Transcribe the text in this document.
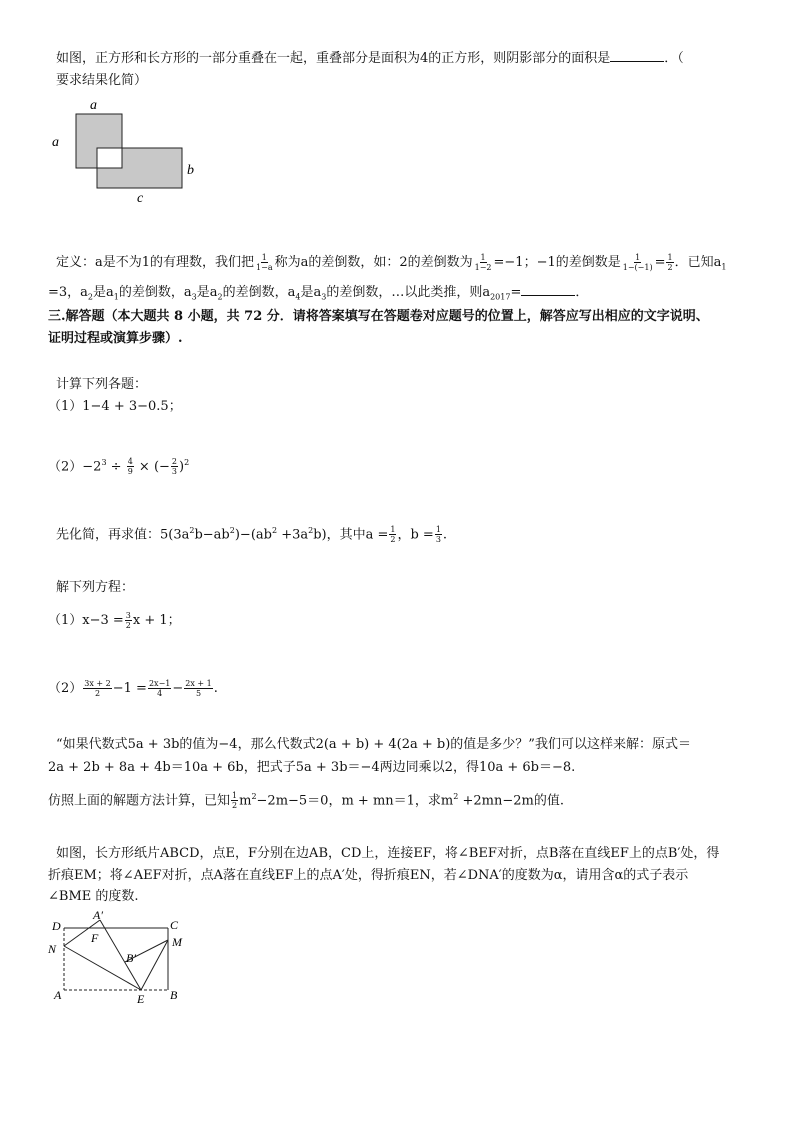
如图，正方形和长方形的一部分重叠在一起，重叠部分是面积为4的正方形，则阴影部分的面积是	．（
要求结果化简）
a
a
b
c
定义：a是不为1的有理数，我们把 $\frac{1}{1-a}$ 称为a的差倒数，如：2的差倒数为 $\frac{1}{1-2} =-1$；−1的差倒数是 $\frac{1}{1-(-1)} = \frac{1}{2}$ ．已知$a_1$
=3，$a_2$是$a_1$的差倒数，$a_3$是$a_2$的差倒数，$a_4$是$a_3$的差倒数，…以此类推，则$a_{2017}=$	．
三.解答题（本大题共 8 小题，共 72 分．请将答案填写在答题卷对应题号的位置上，解答应写出相应的文字说明、
证明过程或演算步骤）.
计算下列各题：
（1）1−4 + 3−0.5；
$(2)-2^3 \div \frac{4}{9}$ × (− $\frac{2}{3} )^2$
先化简，再求值：$5(3a^2b-ab^2)-(ab^2 +3a^2b)$，其中$a = \frac{1}{2}$ ，$b = \frac{1}{3}$ .
解下列方程：
$(1)x-3 = \frac{3}{2}$ x + 1；
$(2) \frac{3x + 2}{2} -1 = \frac{2x-1}{4} - \frac{2x + 1}{5}$ .
“如果代数式5a + 3b的值为−4，那么代数式2(a + b) + 4(2a + b)的值是多少？”我们可以这样来解：原式＝
2a + 2b + 8a + 4b＝10a + 6b，把式子5a + 3b＝−4两边同乘以2，得10a + 6b＝−8.
仿照上面的解题方法计算，已知 $\frac{1}{2} m^2-2m-5=0$，m + mn＝1，求$m^2 +2mn-2m$的值.
如图，长方形纸片ABCD，点E，F分别在边AB，CD上，连接EF，将∠BEF对折，点B落在直线EF上的点B′处，得
折痕EM；将∠AEF对折，点A落在直线EF上的点A′处，得折痕EN，若∠DNA′的度数为α，请用含α的式子表示
∠BME 的度数.
D
A′
C
F
N	M
B′
A	E B
